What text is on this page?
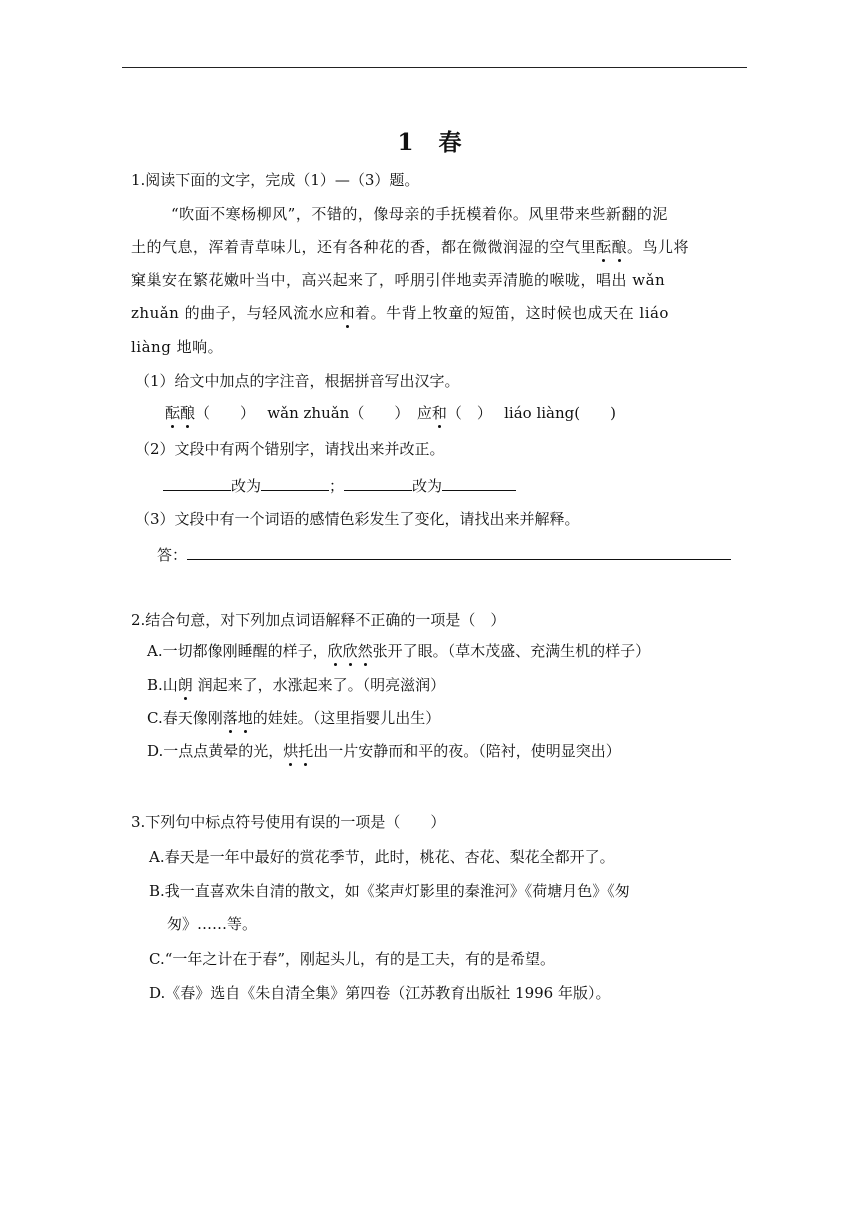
1　春
1.阅读下面的文字，完成（1）—（3）题。
“吹面不寒杨柳风”，不错的，像母亲的手抚模着你。风里带来些新翻的泥
土的气息，浑着青草味儿，还有各种花的香，都在微微润湿的空气里酝酿。鸟儿将
窠巢安在繁花嫩叶当中，高兴起来了，呼朋引伴地卖弄清脆的喉咙，唱出 wǎn
zhuǎn 的曲子，与轻风流水应和着。牛背上牧童的短笛，这时候也成天在 liáo
liàng 地响。
（1）给文中加点的字注音，根据拼音写出汉字。
酝酿（　　）　 wǎn zhuǎn（　　）　应和（　）　 liáo liàng(　　)
（2）文段中有两个错别字，请找出来并改正。
改为	；	改为
（3）文段中有一个词语的感情色彩发生了变化，请找出来并解释。
答：
2.结合句意，对下列加点词语解释不正确的一项是（　）
A.一切都像刚睡醒的样子，欣欣然张开了眼。（草木茂盛、充满生机的样子）
B.山朗 润起来了，水涨起来了。（明亮滋润）
C.春天像刚落地的娃娃。（这里指婴儿出生）
D.一点点黄晕的光，烘托出一片安静而和平的夜。（陪衬，使明显突出）
3.下列句中标点符号使用有误的一项是（　　）
A.春天是一年中最好的赏花季节，此时，桃花、杏花、梨花全都开了。
B.我一直喜欢朱自清的散文，如《桨声灯影里的秦淮河》《荷塘月色》《匆
匆》……等。
C.“一年之计在于春”，刚起头儿，有的是工夫，有的是希望。
D.《春》选自《朱自清全集》第四卷（江苏教育出版社 1996 年版）。
